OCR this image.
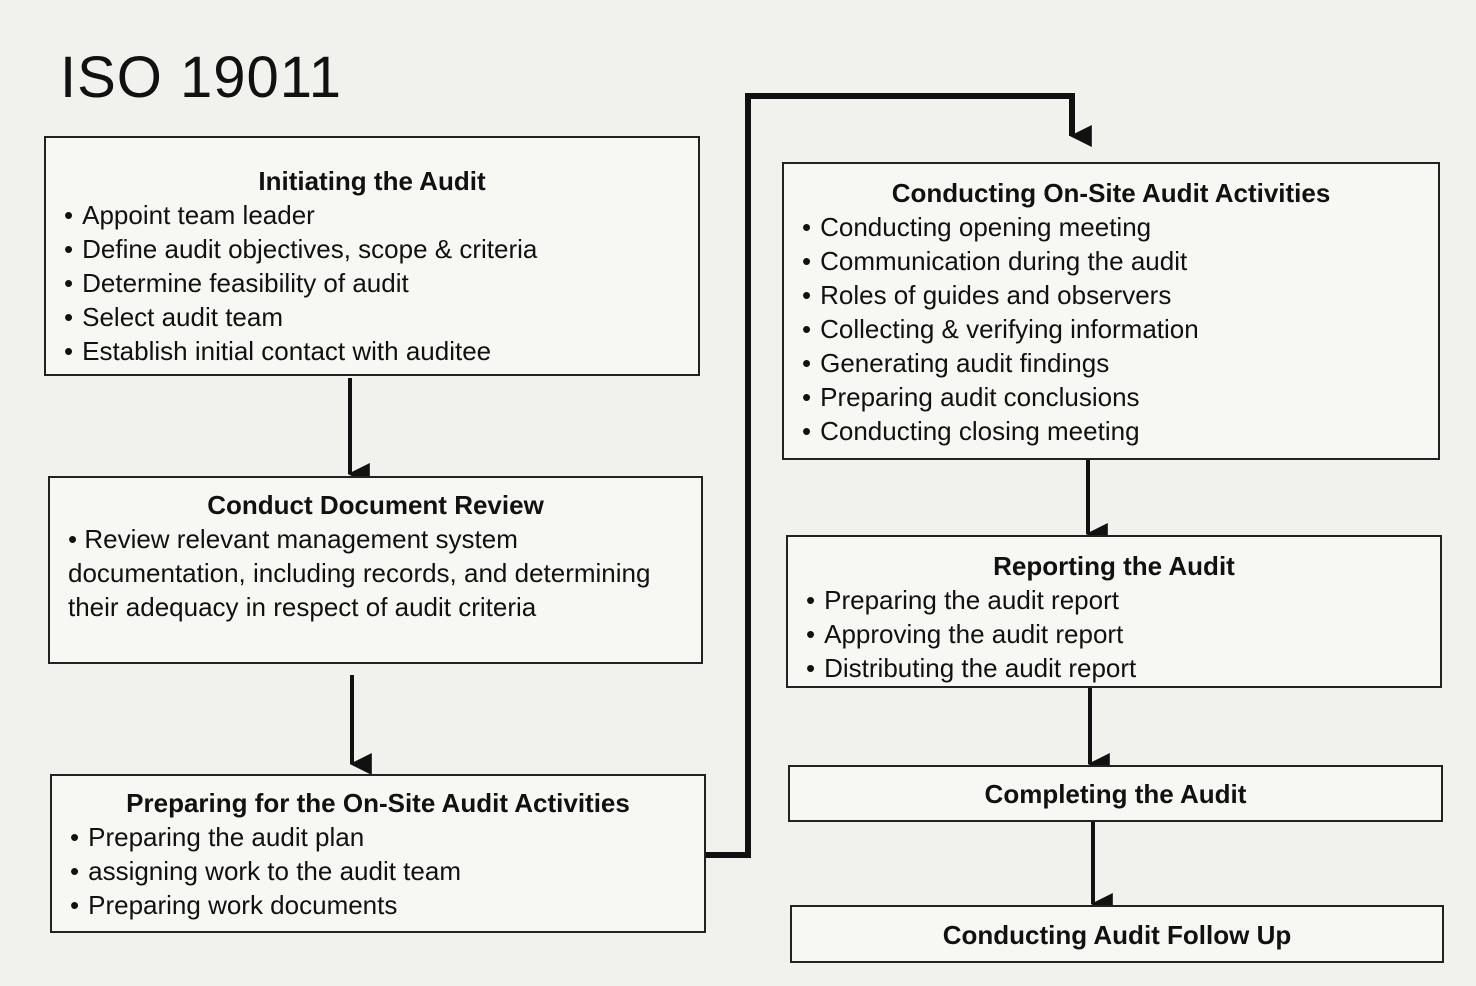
ISO 19011
Initiating the Audit
• Appoint team leader
• Define audit objectives, scope & criteria
• Determine feasibility of audit
• Select audit team
• Establish initial contact with auditee
Conduct Document Review

• Review relevant management system documentation, including records, and determining their adequacy in respect of audit criteria

Preparing for the On-Site Audit Activities
• Preparing the audit plan
• assigning work to the audit team
• Preparing work documents
Conducting On-Site Audit Activities
• Conducting opening meeting
• Communication during the audit
• Roles of guides and observers
• Collecting & verifying information
• Generating audit findings
• Preparing audit conclusions
• Conducting closing meeting
Reporting the Audit
• Preparing the audit report
• Approving the audit report
• Distributing the audit report
Completing the Audit
Conducting Audit Follow Up
